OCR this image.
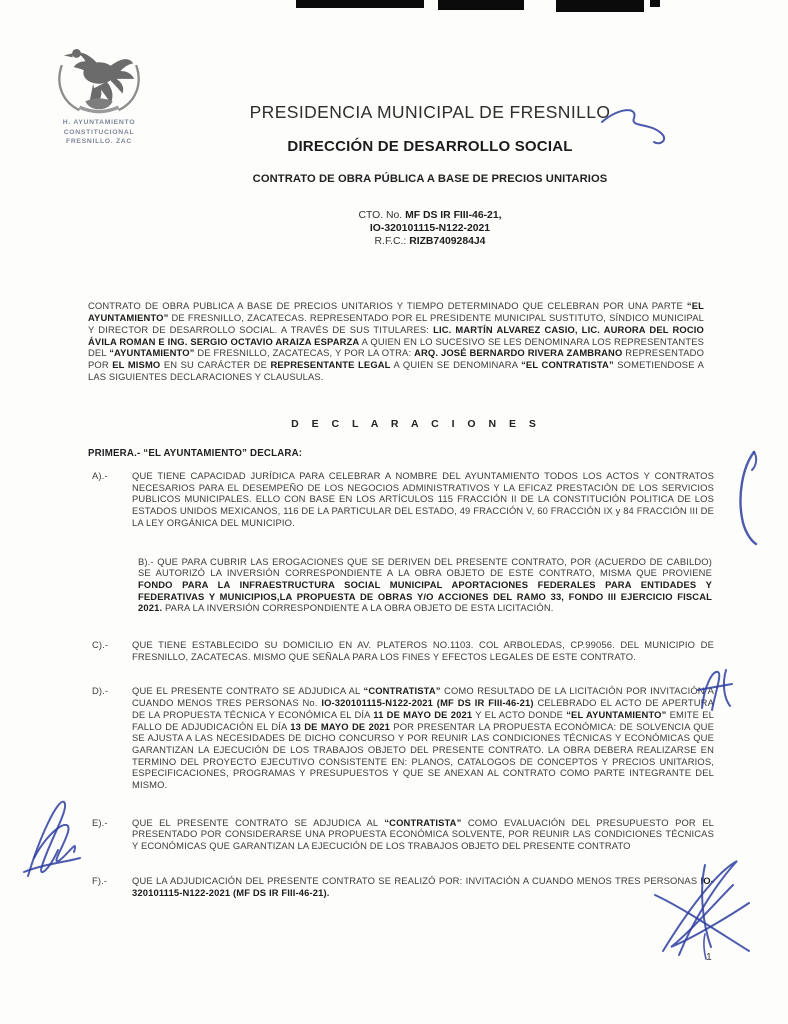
H. AYUNTAMIENTO
CONSTITUCIONAL
FRESNILLO. ZAC
PRESIDENCIA MUNICIPAL DE FRESNILLO
DIRECCIÓN DE DESARROLLO SOCIAL
CONTRATO DE OBRA PÚBLICA A BASE DE PRECIOS UNITARIOS
CTO. No. MF DS IR FIII-46-21,
IO-320101115-N122-2021
R.F.C.: RIZB7409284J4

CONTRATO DE OBRA PUBLICA A BASE DE PRECIOS UNITARIOS Y TIEMPO DETERMINADO QUE CELEBRAN POR UNA PARTE “EL AYUNTAMIENTO” DE FRESNILLO, ZACATECAS. REPRESENTADO POR EL PRESIDENTE MUNICIPAL SUSTITUTO, SÍNDICO MUNICIPAL Y DIRECTOR DE DESARROLLO SOCIAL. A TRAVÉS DE SUS TITULARES: LIC. MARTÍN ALVAREZ CASIO, LIC. AURORA DEL ROCIO ÁVILA ROMAN E ING. SERGIO OCTAVIO ARAIZA ESPARZA A QUIEN EN LO SUCESIVO SE LES DENOMINARA LOS REPRESENTANTES DEL “AYUNTAMIENTO” DE FRESNILLO, ZACATECAS, Y POR LA OTRA: ARQ. JOSÉ BERNARDO RIVERA ZAMBRANO REPRESENTADO POR EL MISMO EN SU CARÁCTER DE REPRESENTANTE LEGAL A QUIEN SE DENOMINARA “EL CONTRATISTA” SOMETIENDOSE A LAS SIGUIENTES DECLARACIONES Y CLAUSULAS.

D E C L A R A C I O N E S
PRIMERA.- “EL AYUNTAMIENTO” DECLARA:
A).-	QUE TIENE CAPACIDAD JURÍDICA PARA CELEBRAR A NOMBRE DEL AYUNTAMIENTO TODOS LOS ACTOS Y CONTRATOS NECESARIOS PARA EL DESEMPEÑO DE LOS NEGOCIOS ADMINISTRATIVOS Y LA EFICAZ PRESTACIÓN DE LOS SERVICIOS PUBLICOS MUNICIPALES. ELLO CON BASE EN LOS ARTÍCULOS 115 FRACCIÓN II DE LA CONSTITUCIÓN POLITICA DE LOS ESTADOS UNIDOS MEXICANOS, 116 DE LA PARTICULAR DEL ESTADO, 49 FRACCIÓN V, 60 FRACCIÓN IX y 84 FRACCIÓN III DE LA LEY ORGÁNICA DEL MUNICIPIO.

B).- QUE PARA CUBRIR LAS EROGACIONES QUE SE DERIVEN DEL PRESENTE CONTRATO, POR (ACUERDO DE CABILDO) SE AUTORIZÓ LA INVERSIÓN CORRESPONDIENTE A LA OBRA OBJETO DE ESTE CONTRATO, MISMA QUE PROVIENE FONDO PARA LA INFRAESTRUCTURA SOCIAL MUNICIPAL APORTACIONES FEDERALES PARA ENTIDADES Y FEDERATIVAS Y MUNICIPIOS,LA PROPUESTA DE OBRAS Y/O ACCIONES DEL RAMO 33, FONDO III EJERCICIO FISCAL 2021. PARA LA INVERSIÓN CORRESPONDIENTE A LA OBRA OBJETO DE ESTA LICITACIÓN.

C).-	QUE TIENE ESTABLECIDO SU DOMICILIO EN AV. PLATEROS NO.1103. COL ARBOLEDAS, CP.99056. DEL MUNICIPIO DE FRESNILLO, ZACATECAS. MISMO QUE SEÑALA PARA LOS FINES Y EFECTOS LEGALES DE ESTE CONTRATO.

D).-	QUE EL PRESENTE CONTRATO SE ADJUDICA AL “CONTRATISTA” COMO RESULTADO DE LA LICITACIÓN POR INVITACIÓN A CUANDO MENOS TRES PERSONAS No. IO-320101115-N122-2021 (MF DS IR FIII-46-21) CELEBRADO EL ACTO DE APERTURA DE LA PROPUESTA TÉCNICA Y ECONÓMICA EL DÍA 11 DE MAYO DE 2021 Y EL ACTO DONDE “EL AYUNTAMIENTO” EMITE EL FALLO DE ADJUDICACIÓN EL DÍA 13 DE MAYO DE 2021 POR PRESENTAR LA PROPUESTA ECONÓMICA: DE SOLVENCIA QUE SE AJUSTA A LAS NECESIDADES DE DICHO CONCURSO Y POR REUNIR LAS CONDICIONES TÉCNICAS Y ECONÓMICAS QUE GARANTIZAN LA EJECUCIÓN DE LOS TRABAJOS OBJETO DEL PRESENTE CONTRATO. LA OBRA DEBERA REALIZARSE EN TERMINO DEL PROYECTO EJECUTIVO CONSISTENTE EN: PLANOS, CATALOGOS DE CONCEPTOS Y PRECIOS UNITARIOS, ESPECIFICACIONES, PROGRAMAS Y PRESUPUESTOS Y QUE SE ANEXAN AL CONTRATO COMO PARTE INTEGRANTE DEL MISMO.

E).-	QUE EL PRESENTE CONTRATO SE ADJUDICA AL “CONTRATISTA” COMO EVALUACIÓN DEL PRESUPUESTO POR EL PRESENTADO POR CONSIDERARSE UNA PROPUESTA ECONÓMICA SOLVENTE, POR REUNIR LAS CONDICIONES TÉCNICAS Y ECONÓMICAS QUE GARANTIZAN LA EJECUCIÓN DE LOS TRABAJOS OBJETO DEL PRESENTE CONTRATO

F).-	QUE LA ADJUDICACIÓN DEL PRESENTE CONTRATO SE REALIZÓ POR: INVITACIÓN A CUANDO MENOS TRES PERSONAS IO-320101115-N122-2021 (MF DS IR FIII-46-21).

1
